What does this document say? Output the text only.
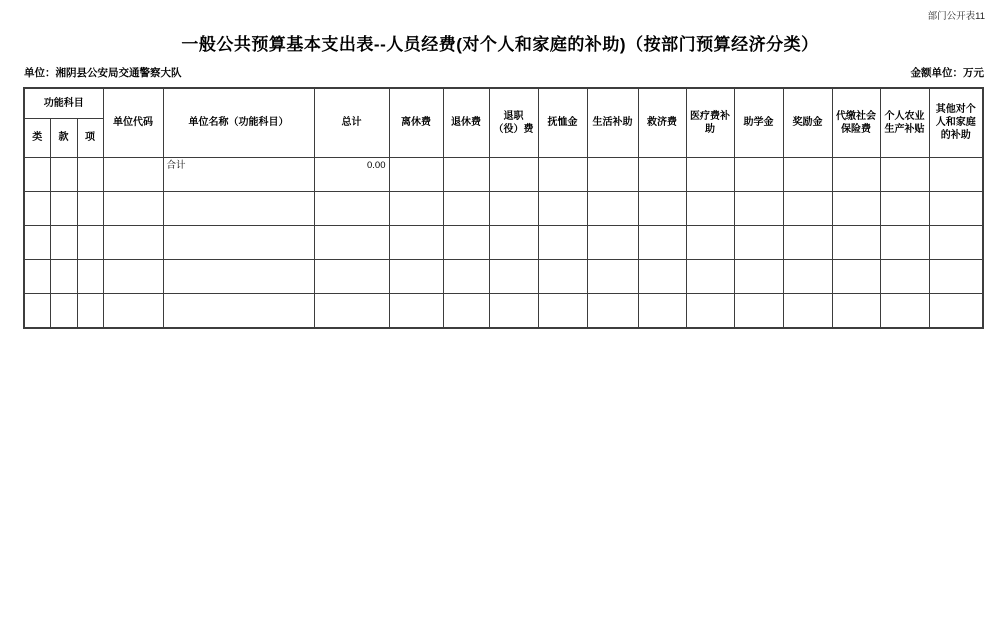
部门公开表11
一般公共预算基本支出表--人员经费(对个人和家庭的补助)（按部门预算经济分类）
单位：湘阴县公安局交通警察大队	金额单位：万元
功能科目			单位代码	单位名称（功能科目）	总计	离休费	退休费	退职（役）费	抚恤金	生活补助	救济费	医疗费补助	助学金	奖励金	代缴社会保险费	个人农业生产补贴	其他对个人和家庭的补助
类	款	项															
				合计	0.00												
